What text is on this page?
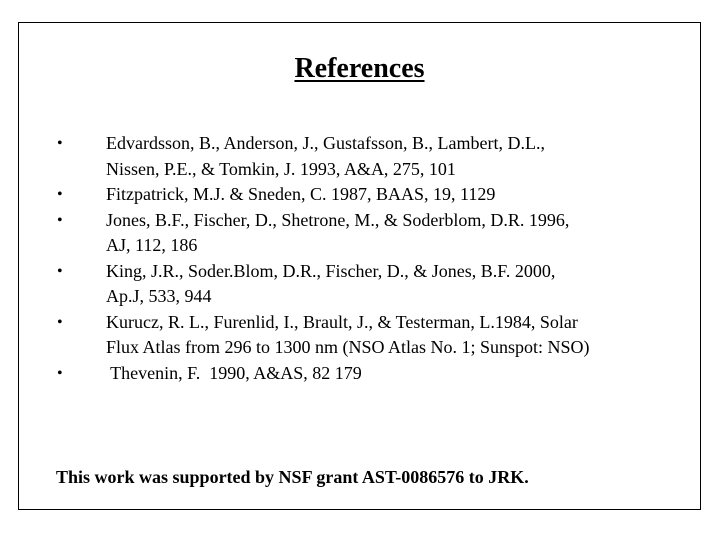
References
• Edvardsson, B., Anderson, J., Gustafsson, B., Lambert, D.L.,
Nissen, P.E., & Tomkin, J. 1993, A&A, 275, 101
• Fitzpatrick, M.J. & Sneden, C. 1987, BAAS, 19, 1129
• Jones, B.F., Fischer, D., Shetrone, M., & Soderblom, D.R. 1996,
AJ, 112, 186
• King, J.R., Soder.Blom, D.R., Fischer, D., & Jones, B.F. 2000,
Ap.J, 533, 944
• Kurucz, R. L., Furenlid, I., Brault, J., & Testerman, L.1984, Solar
Flux Atlas from 296 to 1300 nm (NSO Atlas No. 1; Sunspot: NSO)
• Thevenin, F.  1990, A&AS, 82 179
This work was supported by NSF grant AST-0086576 to JRK.
